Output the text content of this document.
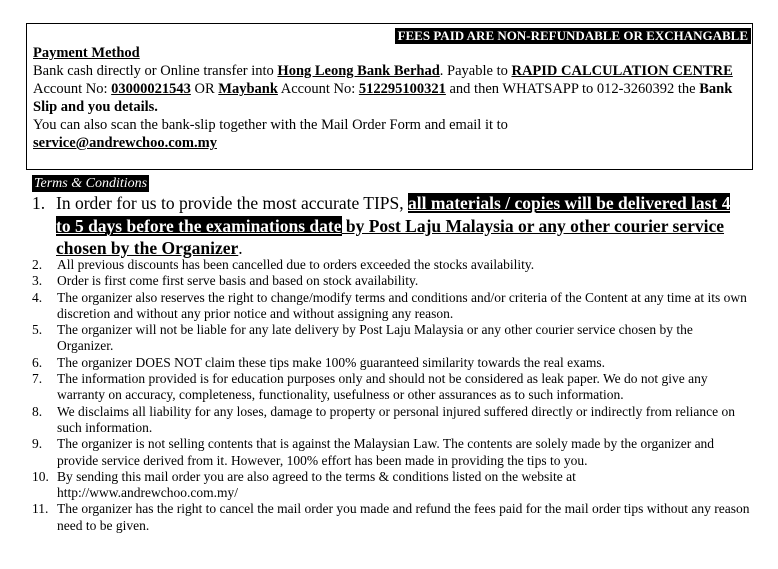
FEES PAID ARE NON-REFUNDABLE OR EXCHANGABLE
Payment Method
Bank cash directly or Online transfer into Hong Leong Bank Berhad. Payable to RAPID CALCULATION CENTRE Account No: 03000021543 OR Maybank Account No: 512295100321 and then WHATSAPP to 012-3260392 the Bank Slip and you details.
You can also scan the bank-slip together with the Mail Order Form and email it to
service@andrewchoo.com.my
Terms & Conditions
1. In order for us to provide the most accurate TIPS, all materials / copies will be delivered last 4 to 5 days before the examinations date by Post Laju Malaysia or any other courier service chosen by the Organizer.
2. All previous discounts has been cancelled due to orders exceeded the stocks availability.
3. Order is first come first serve basis and based on stock availability.
4. The organizer also reserves the right to change/modify terms and conditions and/or criteria of the Content at any time at its own discretion and without any prior notice and without assigning any reason.
5. The organizer will not be liable for any late delivery by Post Laju Malaysia or any other courier service chosen by the Organizer.
6. The organizer DOES NOT claim these tips make 100% guaranteed similarity towards the real exams.
7. The information provided is for education purposes only and should not be considered as leak paper. We do not give any warranty on accuracy, completeness, functionality, usefulness or other assurances as to such information.
8. We disclaims all liability for any loses, damage to property or personal injured suffered directly or indirectly from reliance on such information.
9. The organizer is not selling contents that is against the Malaysian Law. The contents are solely made by the organizer and provide service derived from it. However, 100% effort has been made in providing the tips to you.
10. By sending this mail order you are also agreed to the terms & conditions listed on the website at http://www.andrewchoo.com.my/
11. The organizer has the right to cancel the mail order you made and refund the fees paid for the mail order tips without any reason need to be given.
